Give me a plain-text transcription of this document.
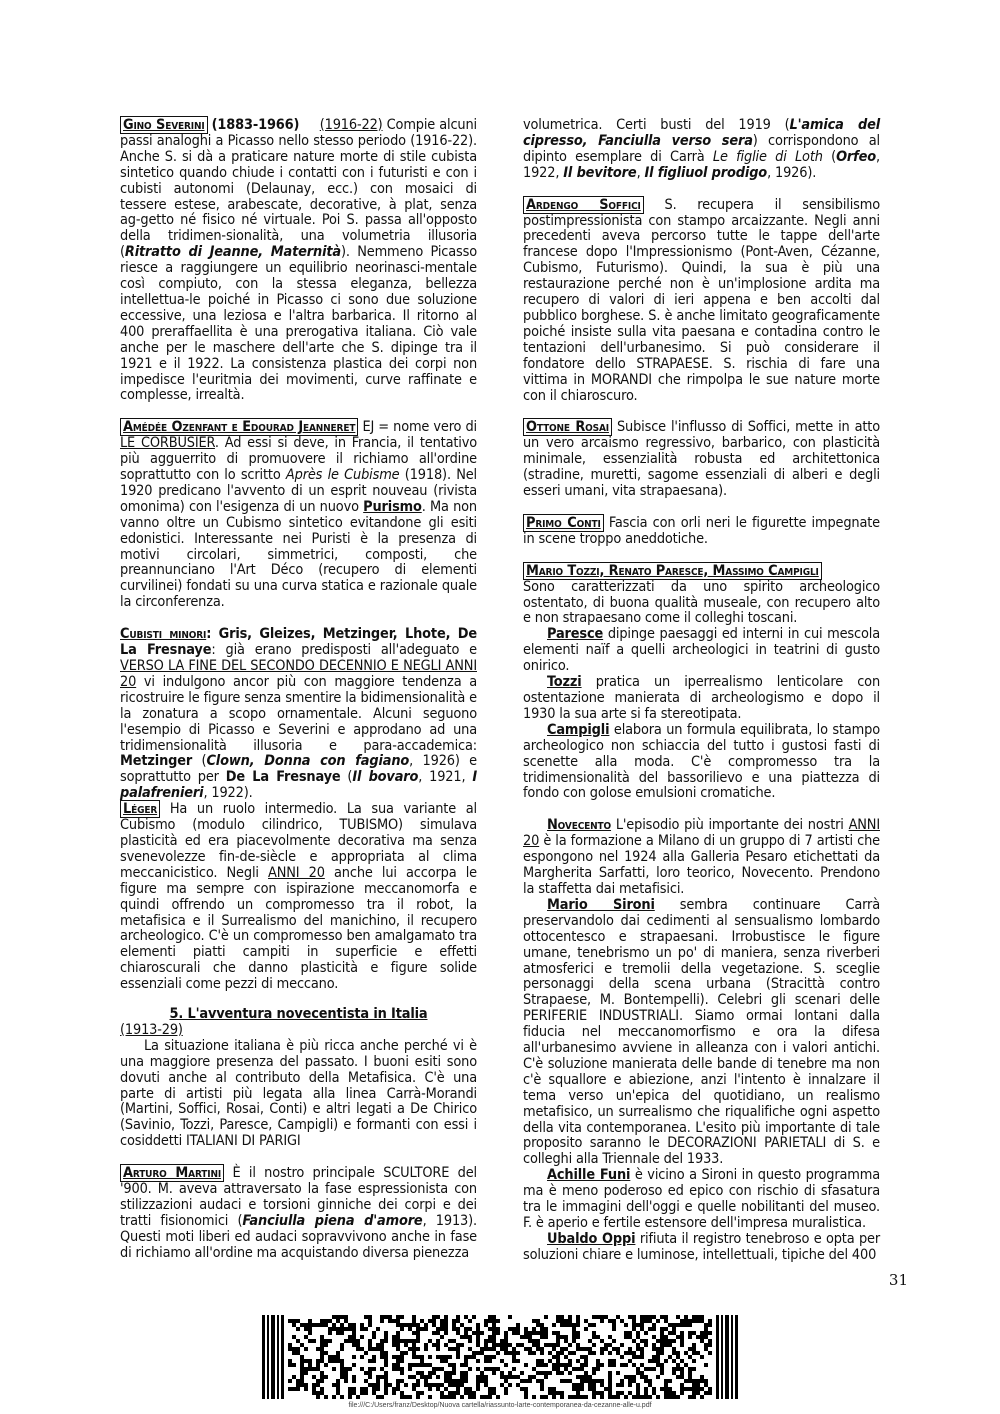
Gino Severini (1883-1966) (1916-22) Compie alcuni passi analoghi a Picasso nello stesso periodo (1916-22). Anche S. si dà a praticare nature morte di stile cubista sintetico quando chiude i contatti con i futuristi e con i cubisti autonomi (Delaunay, ecc.) con mosaici di tessere estese, arabescate, decorative, à plat, senza ag-getto né fisico né virtuale. Poi S. passa all'opposto della tridimen-sionalità, una volumetria illusoria (Ritratto di Jeanne, Maternità). Nemmeno Picasso riesce a raggiungere un equilibrio neorinasci-mentale così compiuto, con la stessa eleganza, bellezza intellettua-le poiché in Picasso ci sono due soluzione eccessive, una leziosa e l'altra barbarica. Il ritorno al 400 preraffaellita è una prerogativa italiana. Ciò vale anche per le maschere dell'arte che S. dipinge tra il 1921 e il 1922. La consistenza plastica dei corpi non impedisce l'euritmia dei movimenti, curve raffinate e complesse, irrealtà.

Amédée Ozenfant e Edourad Jeanneret EJ = nome vero di LE CORBUSIER. Ad essi si deve, in Francia, il tentativo più agguerrito di promuovere il richiamo all'ordine soprattutto con lo scritto Après le Cubisme (1918). Nel 1920 predicano l'avvento di un esprit nouveau (rivista omonima) con l'esigenza di un nuovo Purismo. Ma non vanno oltre un Cubismo sintetico evitandone gli esiti edonistici. Interessante nei Puristi è la presenza di motivi circolari, simmetrici, composti, che preannunciano l'Art Déco (recupero di elementi curvilinei) fondati su una curva statica e razionale quale la circonferenza.

Cubisti minori: Gris, Gleizes, Metzinger, Lhote, De La Fresnaye: già erano predisposti all'adeguato e VERSO LA FINE DEL SECONDO DECENNIO E NEGLI ANNI 20 vi indulgono ancor più con maggiore tendenza a ricostruire le figure senza smentire la bidimensionalità e la zonatura a scopo ornamentale. Alcuni seguono l'esempio di Picasso e Severini e approdano ad una tridimensionalità illusoria e para-accademica: Metzinger (Clown, Donna con fagiano, 1926) e soprattutto per De La Fresnaye (Il bovaro, 1921, I palafrenieri, 1922).

Léger Ha un ruolo intermedio. La sua variante al Cubismo (modulo cilindrico, TUBISMO) simulava plasticità ed era piacevolmente decorativa ma senza svenevolezze fin-de-siècle e appropriata al clima meccanicistico. Negli ANNI 20 anche lui accorpa le figure ma sempre con ispirazione meccanomorfa e quindi offrendo un compromesso tra il robot, la metafisica e il Surrealismo del manichino, il recupero archeologico. C'è un compromesso ben amalgamato tra elementi piatti campiti in superficie e effetti chiaroscurali che danno plasticità e figure solide essenziali come pezzi di meccano.

5. L'avventura novecentista in Italia

(1913-29)

La situazione italiana è più ricca anche perché vi è una maggiore presenza del passato. I buoni esiti sono dovuti anche al contributo della Metafisica. C'è una parte di artisti più legata alla linea Carrà-Morandi (Martini, Soffici, Rosai, Conti) e altri legati a De Chirico (Savinio, Tozzi, Paresce, Campigli) e formanti con essi i cosiddetti ITALIANI DI PARIGI

Arturo Martini È il nostro principale SCULTORE del '900. M. aveva attraversato la fase espressionista con stilizzazioni audaci e torsioni ginniche dei corpi e dei tratti fisionomici (Fanciulla piena d'amore, 1913). Questi moti liberi ed audaci sopravvivono anche in fase di richiamo all'ordine ma acquistando diversa pienezza

volumetrica. Certi busti del 1919 (L'amica del cipresso, Fanciulla verso sera) corrispondono al dipinto esemplare di Carrà Le figlie di Loth (Orfeo, 1922, Il bevitore, Il figliuol prodigo, 1926).

Ardengo Soffici S. recupera il sensibilismo postimpressionista con stampo arcaizzante. Negli anni precedenti aveva percorso tutte le tappe dell'arte francese dopo l'Impressionismo (Pont-Aven, Cézanne, Cubismo, Futurismo). Quindi, la sua è più una restaurazione perché non è un'implosione ardita ma recupero di valori di ieri appena e ben accolti dal pubblico borghese. S. è anche limitato geograficamente poiché insiste sulla vita paesana e contadina contro le tentazioni dell'urbanesimo. Si può considerare il fondatore dello STRAPAESE. S. rischia di fare una vittima in MORANDI che rimpolpa le sue nature morte con il chiaroscuro.

Ottone Rosai Subisce l'influsso di Soffici, mette in atto un vero arcaismo regressivo, barbarico, con plasticità minimale, essenzialità robusta ed architettonica (stradine, muretti, sagome essenziali di alberi e degli esseri umani, vita strapaesana).

Primo Conti Fascia con orli neri le figurette impegnate in scene troppo aneddotiche.

Mario Tozzi, Renato Paresce, Massimo Campigli

Sono caratterizzati da uno spirito archeologico ostentato, di buona qualità museale, con recupero alto e non strapaesano come il colleghi toscani.

Paresce dipinge paesaggi ed interni in cui mescola elementi naïf a quelli archeologici in teatrini di gusto onirico.

Tozzi pratica un iperrealismo lenticolare con ostentazione manierata di archeologismo e dopo il 1930 la sua arte si fa stereotipata.

Campigli elabora un formula equilibrata, lo stampo archeologico non schiaccia del tutto i gustosi fasti di scenette alla moda. C'è compromesso tra la tridimensionalità del bassorilievo e una piattezza di fondo con golose emulsioni cromatiche.

Novecento L'episodio più importante dei nostri ANNI 20 è la formazione a Milano di un gruppo di 7 artisti che espongono nel 1924 alla Galleria Pesaro etichettati da Margherita Sarfatti, loro teorico, Novecento. Prendono la staffetta dai metafisici.

Mario Sironi sembra continuare Carrà preservandolo dai cedimenti al sensualismo lombardo ottocentesco e strapaesani. Irrobustisce le figure umane, tenebrismo un po' di maniera, senza riverberi atmosferici e tremolii della vegetazione. S. sceglie personaggi della scena urbana (Stracittà contro Strapaese, M. Bontempelli). Celebri gli scenari delle PERIFERIE INDUSTRIALI. Siamo ormai lontani dalla fiducia nel meccanomorfismo e ora la difesa all'urbanesimo avviene in alleanza con i valori antichi. C'è soluzione manierata delle bande di tenebre ma non c'è squallore e abiezione, anzi l'intento è innalzare il tema verso un'epica del quotidiano, un realismo metafisico, un surrealismo che riqualifiche ogni aspetto della vita contemporanea. L'esito più importante di tale proposito saranno le DECORAZIONI PARIETALI di S. e colleghi alla Triennale del 1933.

Achille Funi è vicino a Sironi in questo programma ma è meno poderoso ed epico con rischio di sfasatura tra le immagini dell'oggi e quelle nobilitanti del museo. F. è aperio e fertile estensore dell'impresa muralistica.

Ubaldo Oppi rifiuta il registro tenebroso e opta per soluzioni chiare e luminose, intellettuali, tipiche del 400

31
file:///C:/Users/franz/Desktop/Nuova cartella/riassunto-larte-contemporanea-da-cezanne-alle-u.pdf
